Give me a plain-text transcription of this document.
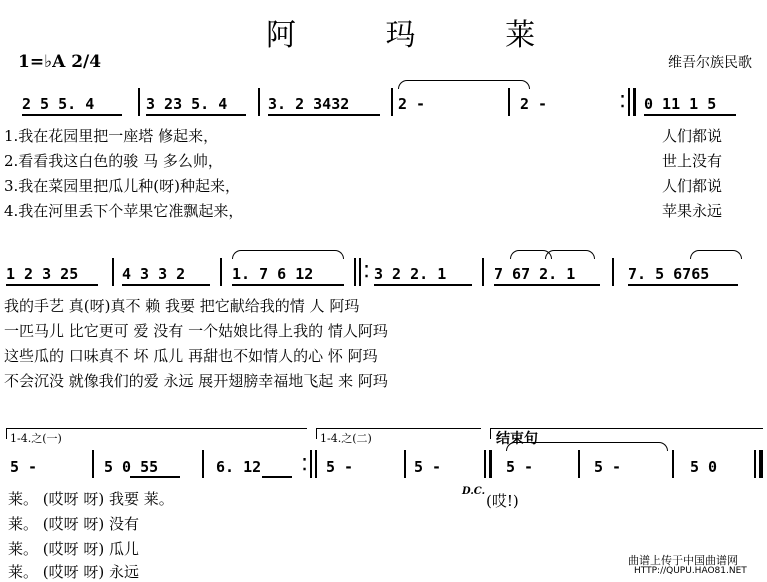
阿 玛 莱
1=♭A 2/4	维吾尔族民歌
2 5 5. 4	3 23 5. 4	3. 2 3432	2 -	2 -	⁚ 0 11 1 5
1.我在花园里把一座塔 修起来，	人们都说
2.看看我这白色的骏 马 多么帅，	世上没有
3.我在菜园里把瓜儿种(呀)种起来，	人们都说
4.我在河里丢下个苹果它准飘起来，	苹果永远
1 2 3 25	4 3 3 2	1. 7 6 12	⁚ 3 2 2. 1	7 67 2. 1	7. 5 6765
我的手艺 真(呀)真不 赖 我要 把它献给我的情 人 阿玛
一匹马儿 比它更可 爱 没有 一个姑娘比得上我的 情人阿玛
这些瓜的 口味真不 坏 瓜儿 再甜也不如情人的心 怀 阿玛
不会沉没 就像我们的爱 永远 展开翅膀幸福地飞起 来 阿玛
1-4.之(一)	1-4.之(二)	结束句
5 -	5 0 55	6. 12	⁚ 5 -	5 -	5 -	5 -	5 0
D.C.
(哎!)
莱。 (哎呀 呀) 我要 莱。
莱。 (哎呀 呀) 没有
莱。 (哎呀 呀) 瓜儿
莱。 (哎呀 呀) 永远
曲谱上传于中国曲谱网
HTTP://QUPU.HAO81.NET
